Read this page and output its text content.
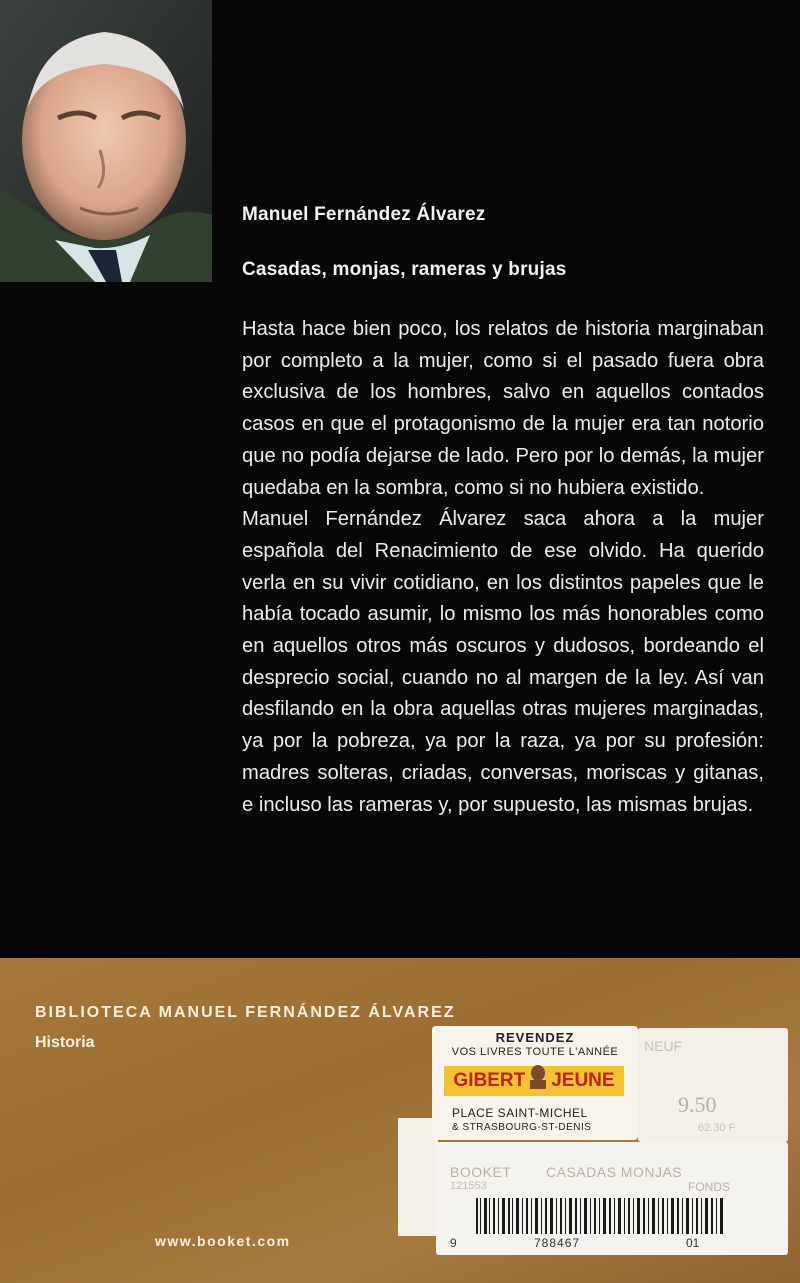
Manuel Fernández Álvarez
Casadas, monjas, rameras y brujas

Hasta hace bien poco, los relatos de historia marginaban por completo a la mujer, como si el pasado fuera obra exclusiva de los hombres, salvo en aquellos contados casos en que el protagonismo de la mujer era tan notorio que no podía dejarse de lado. Pero por lo demás, la mujer quedaba en la sombra, como si no hubiera existido.

Manuel Fernández Álvarez saca ahora a la mujer española del Renacimiento de ese olvido. Ha querido verla en su vivir cotidiano, en los distintos papeles que le había tocado asumir, lo mismo los más honorables como en aquellos otros más oscuros y dudosos, bordeando el desprecio social, cuando no al margen de la ley. Así van desfilando en la obra aquellas otras mujeres marginadas, ya por la pobreza, ya por la raza, ya por su profesión: madres solteras, criadas, conversas, moriscas y gitanas, e incluso las rameras y, por supuesto, las mismas brujas.

BIBLIOTECA MANUEL FERNÁNDEZ ÁLVAREZ
Historia
www.booket.com
REVENDEZ
VOS LIVRES TOUTE L'ANNÉE
GIBERT JEUNE
PLACE SAINT-MICHEL
& STRASBOURG-ST-DENIS
NEUF
9.50
62.30 F
BOOKET CASADAS MONJAS
121553	FONDS
9	788467	01
